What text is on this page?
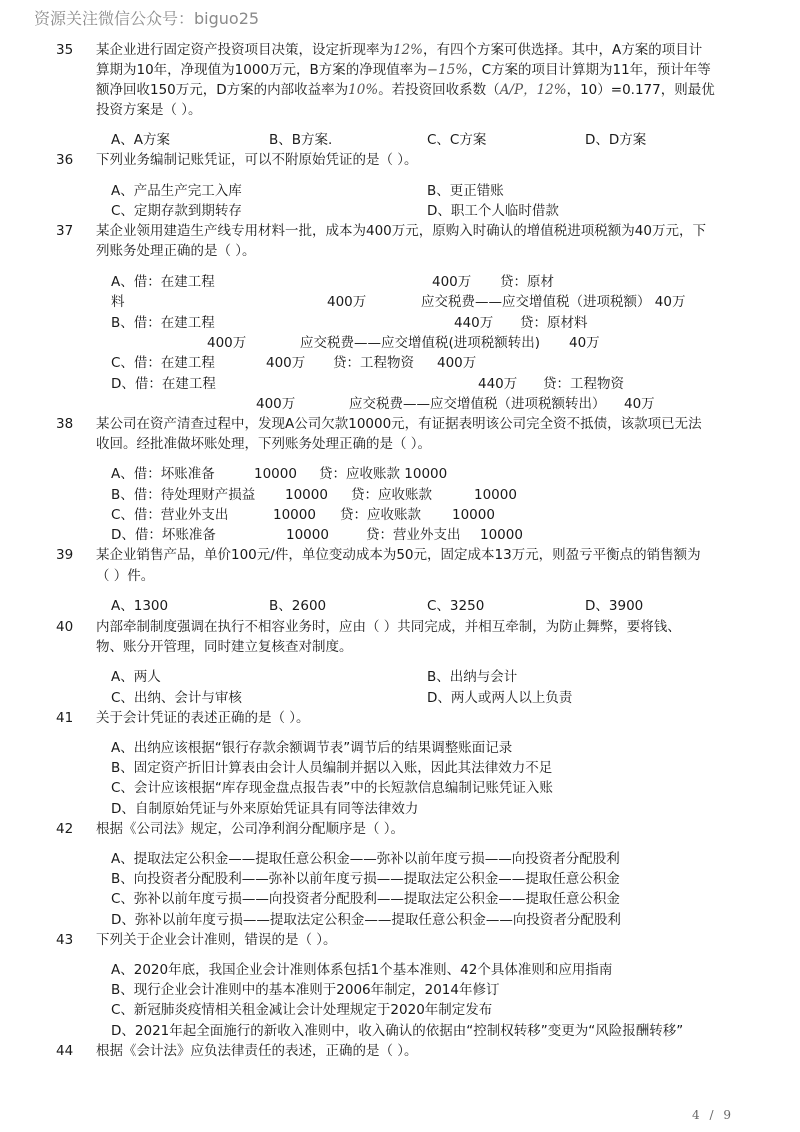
资源关注微信公众号：biguo25
35	某企业进行固定资产投资项目决策，设定折现率为12%，有四个方案可供选择。其中，A方案的项目计
算期为10年，净现值为1000万元，B方案的净现值率为−15%，C方案的项目计算期为11年，预计年等
额净回收150万元，D方案的内部收益率为10%。若投资回收系数（A/P，12%，10）=0.177，则最优
投资方案是（ ）。
A、A方案	B、B方案.	C、C方案	D、D方案
36	下列业务编制记账凭证，可以不附原始凭证的是（ ）。
A、产品生产完工入库	B、更正错账
C、定期存款到期转存	D、职工个人临时借款
37	某企业领用建造生产线专用材料一批，成本为400万元，原购入时确认的增值税进项税额为40万元，下
列账务处理正确的是（ ）。
A、借：在建工程	400万 贷：原材
料	400万	应交税费——应交增值税（进项税额） 40万
B、借：在建工程	440万 贷：原材料
400万	应交税费——应交增值税(进项税额转出) 40万
C、借：在建工程	400万 贷：工程物资 400万
D、借：在建工程	440万 贷：工程物资
400万	应交税费——应交增值税（进项税额转出） 40万
38	某公司在资产清查过程中，发现A公司欠款10000元，有证据表明该公司完全资不抵债，该款项已无法
收回。经批准做坏账处理，下列账务处理正确的是（ ）。
A、借：坏账准备	10000 贷：应收账款 10000
B、借：待处理财产损益 10000 贷：应收账款	10000
C、借：营业外支出	10000 贷：应收账款 10000
D、借：坏账准备	10000	贷：营业外支出 10000
39	某企业销售产品，单价100元/件，单位变动成本为50元，固定成本13万元，则盈亏平衡点的销售额为
（ ）件。
A、1300	B、2600	C、3250	D、3900
40	内部牵制制度强调在执行不相容业务时，应由（ ）共同完成，并相互牵制，为防止舞弊，要将钱、
物、账分开管理，同时建立复核查对制度。
A、两人	B、出纳与会计
C、出纳、会计与审核	D、两人或两人以上负责
41	关于会计凭证的表述正确的是（ ）。
A、出纳应该根据“银行存款余额调节表”调节后的结果调整账面记录
B、固定资产折旧计算表由会计人员编制并据以入账，因此其法律效力不足
C、会计应该根据“库存现金盘点报告表”中的长短款信息编制记账凭证入账
D、自制原始凭证与外来原始凭证具有同等法律效力
42	根据《公司法》规定，公司净利润分配顺序是（ ）。
A、提取法定公积金——提取任意公积金——弥补以前年度亏损——向投资者分配股利
B、向投资者分配股利——弥补以前年度亏损——提取法定公积金——提取任意公积金
C、弥补以前年度亏损——向投资者分配股利——提取法定公积金——提取任意公积金
D、弥补以前年度亏损——提取法定公积金——提取任意公积金——向投资者分配股利
43	下列关于企业会计准则，错误的是（ ）。
A、2020年底，我国企业会计准则体系包括1个基本准则、42个具体准则和应用指南
B、现行企业会计准则中的基本准则于2006年制定，2014年修订
C、新冠肺炎疫情相关租金减让会计处理规定于2020年制定发布
D、2021年起全面施行的新收入准则中，收入确认的依据由“控制权转移”变更为“风险报酬转移”
44	根据《会计法》应负法律责任的表述，正确的是（ ）。
4 / 9
